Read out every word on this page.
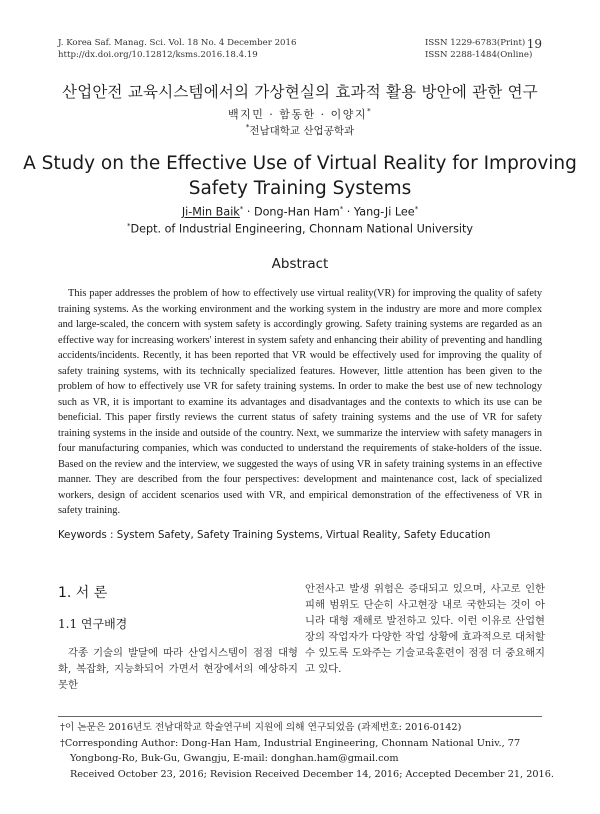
J. Korea Saf. Manag. Sci. Vol. 18 No. 4 December 2016
http://dx.doi.org/10.12812/ksms.2016.18.4.19
ISSN 1229-6783(Print)
ISSN 2288-1484(Online)
19
산업안전 교육시스템에서의 가상현실의 효과적 활용 방안에 관한 연구
백지민 · 함동한 · 이양지*
*전남대학교 산업공학과
A Study on the Effective Use of Virtual Reality for Improving
Safety Training Systems
Ji-Min Baik* · Dong-Han Ham* · Yang-Ji Lee*
*Dept. of Industrial Engineering, Chonnam National University
Abstract

This paper addresses the problem of how to effectively use virtual reality(VR) for improving the quality of safety training systems. As the working environment and the working system in the industry are more and more complex and large-scaled, the concern with system safety is accordingly growing. Safety training systems are regarded as an effective way for increasing workers' interest in system safety and enhancing their ability of preventing and handling accidents/incidents. Recently, it has been reported that VR would be effectively used for improving the quality of safety training systems, with its technically specialized features. However, little attention has been given to the problem of how to effectively use VR for safety training systems. In order to make the best use of new technology such as VR, it is important to examine its advantages and disadvantages and the contexts to which its use can be beneficial. This paper firstly reviews the current status of safety training systems and the use of VR for safety training systems in the inside and outside of the country. Next, we summarize the interview with safety managers in four manufacturing companies, which was conducted to understand the requirements of stake-holders of the issue. Based on the review and the interview, we suggested the ways of using VR in safety training systems in an effective manner. They are described from the four perspectives: development and maintenance cost, lack of specialized workers, design of accident scenarios used with VR, and empirical demonstration of the effectiveness of VR in safety training.

Keywords : System Safety, Safety Training Systems, Virtual Reality, Safety Education
1. 서 론
1.1 연구배경

각종 기술의 발달에 따라 산업시스템이 점점 대형화, 복잡화, 지능화되어 가면서 현장에서의 예상하지 못한

안전사고 발생 위험은 증대되고 있으며, 사고로 인한 피해 범위도 단순히 사고현장 내로 국한되는 것이 아니라 대형 재해로 발전하고 있다. 이런 이유로 산업현장의 작업자가 다양한 작업 상황에 효과적으로 대처할 수 있도록 도와주는 기술교육훈련이 점점 더 중요해지고 있다.

†이 논문은 2016년도 전남대학교 학술연구비 지원에 의해 연구되었음 (과제번호: 2016-0142)
†Corresponding Author: Dong-Han Ham, Industrial Engineering, Chonnam National Univ., 77
Yongbong-Ro, Buk-Gu, Gwangju, E-mail: donghan.ham@gmail.com
Received October 23, 2016; Revision Received December 14, 2016; Accepted December 21, 2016.
